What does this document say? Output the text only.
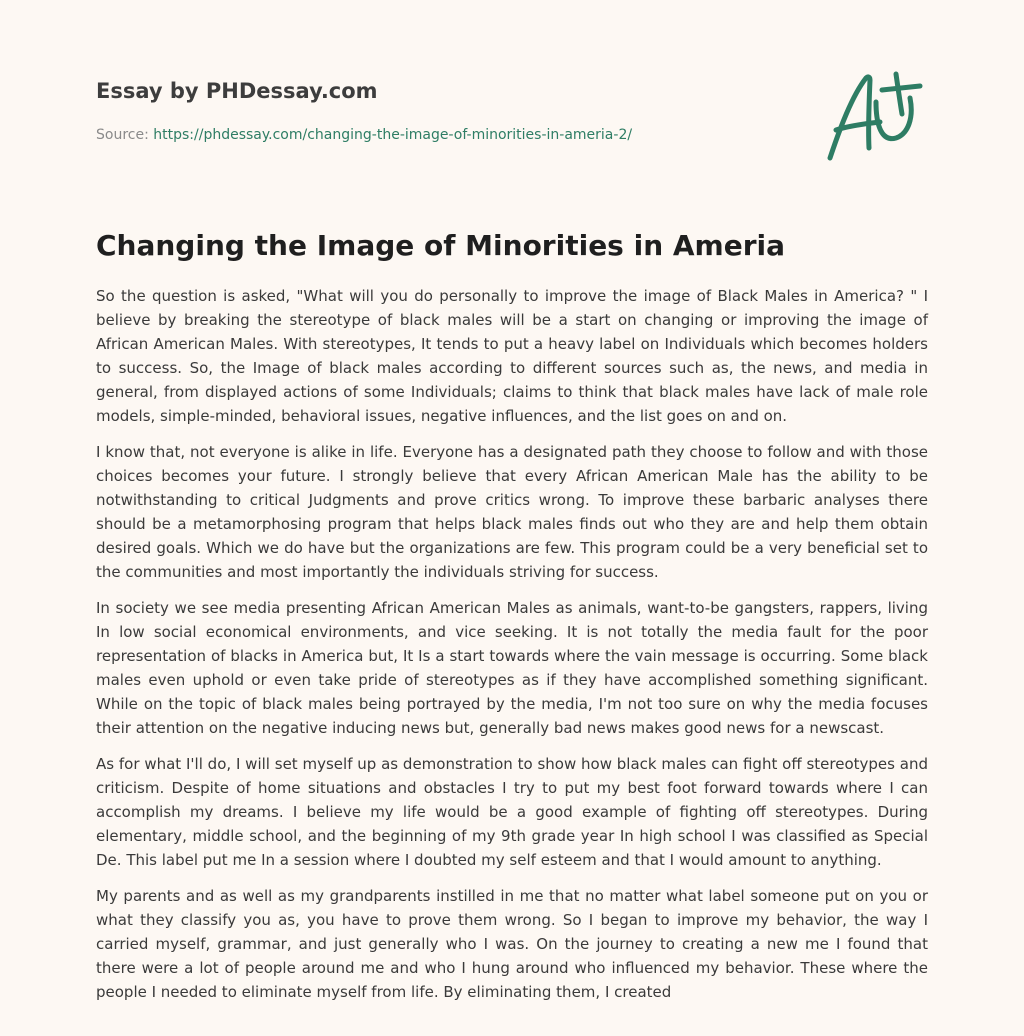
Essay by PHDessay.com
Source: https://phdessay.com/changing-the-image-of-minorities-in-ameria-2/
Changing the Image of Minorities in Ameria

So the question is asked, "What will you do personally to improve the image of Black Males in America? " I believe by breaking the stereotype of black males will be a start on changing or improving the image of African American Males. With stereotypes, It tends to put a heavy label on Individuals which becomes holders to success. So, the Image of black males according to different sources such as, the news, and media in general, from displayed actions of some Individuals; claims to think that black males have lack of male role models, simple-minded, behavioral issues, negative influences, and the list goes on and on.

I know that, not everyone is alike in life. Everyone has a designated path they choose to follow and with those choices becomes your future. I strongly believe that every African American Male has the ability to be notwithstanding to critical Judgments and prove critics wrong. To improve these barbaric analyses there should be a metamorphosing program that helps black males finds out who they are and help them obtain desired goals. Which we do have but the organizations are few. This program could be a very beneficial set to the communities and most importantly the individuals striving for success.

In society we see media presenting African American Males as animals, want-to-be gangsters, rappers, living In low social economical environments, and vice seeking. It is not totally the media fault for the poor representation of blacks in America but, It Is a start towards where the vain message is occurring. Some black males even uphold or even take pride of stereotypes as if they have accomplished something significant. While on the topic of black males being portrayed by the media, I'm not too sure on why the media focuses their attention on the negative inducing news but, generally bad news makes good news for a newscast.

As for what I'll do, I will set myself up as demonstration to show how black males can fight off stereotypes and criticism. Despite of home situations and obstacles I try to put my best foot forward towards where I can accomplish my dreams. I believe my life would be a good example of fighting off stereotypes. During elementary, middle school, and the beginning of my 9th grade year In high school I was classified as Special De. This label put me In a session where I doubted my self esteem and that I would amount to anything.

My parents and as well as my grandparents instilled in me that no matter what label someone put on you or what they classify you as, you have to prove them wrong. So I began to improve my behavior, the way I carried myself, grammar, and just generally who I was. On the journey to creating a new me I found that there were a lot of people around me and who I hung around who influenced my behavior. These where the people I needed to eliminate myself from life. By eliminating them, I created
